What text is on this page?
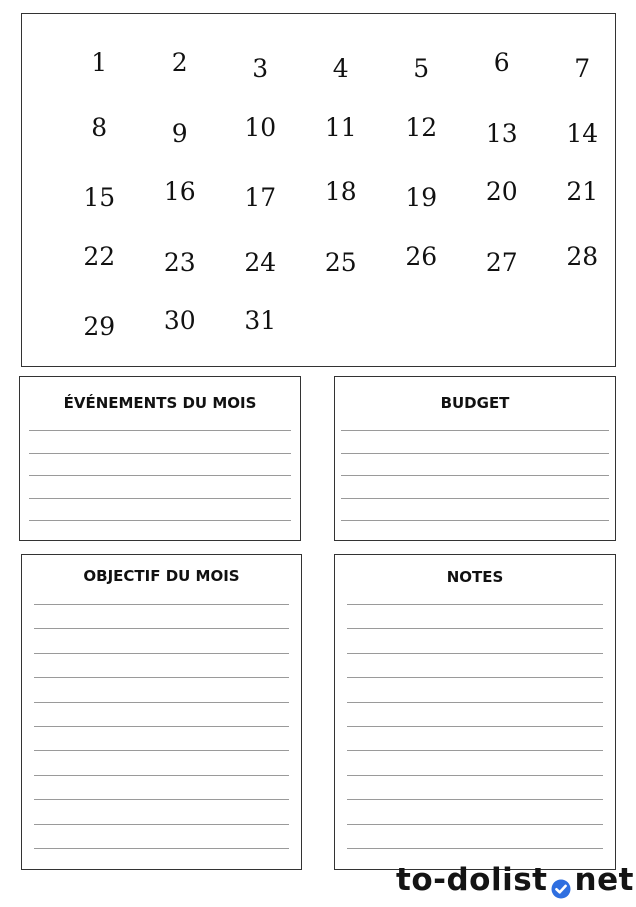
1	2	3	4	5	6	7
8	9	10	11	12	13	14
15	16	17	18	19	20	21
22	23	24	25	26	27	28
29	30	31
ÉVÉNEMENTS DU MOIS	BUDGET
OBJECTIF DU MOIS	NOTES
to-dolist net
